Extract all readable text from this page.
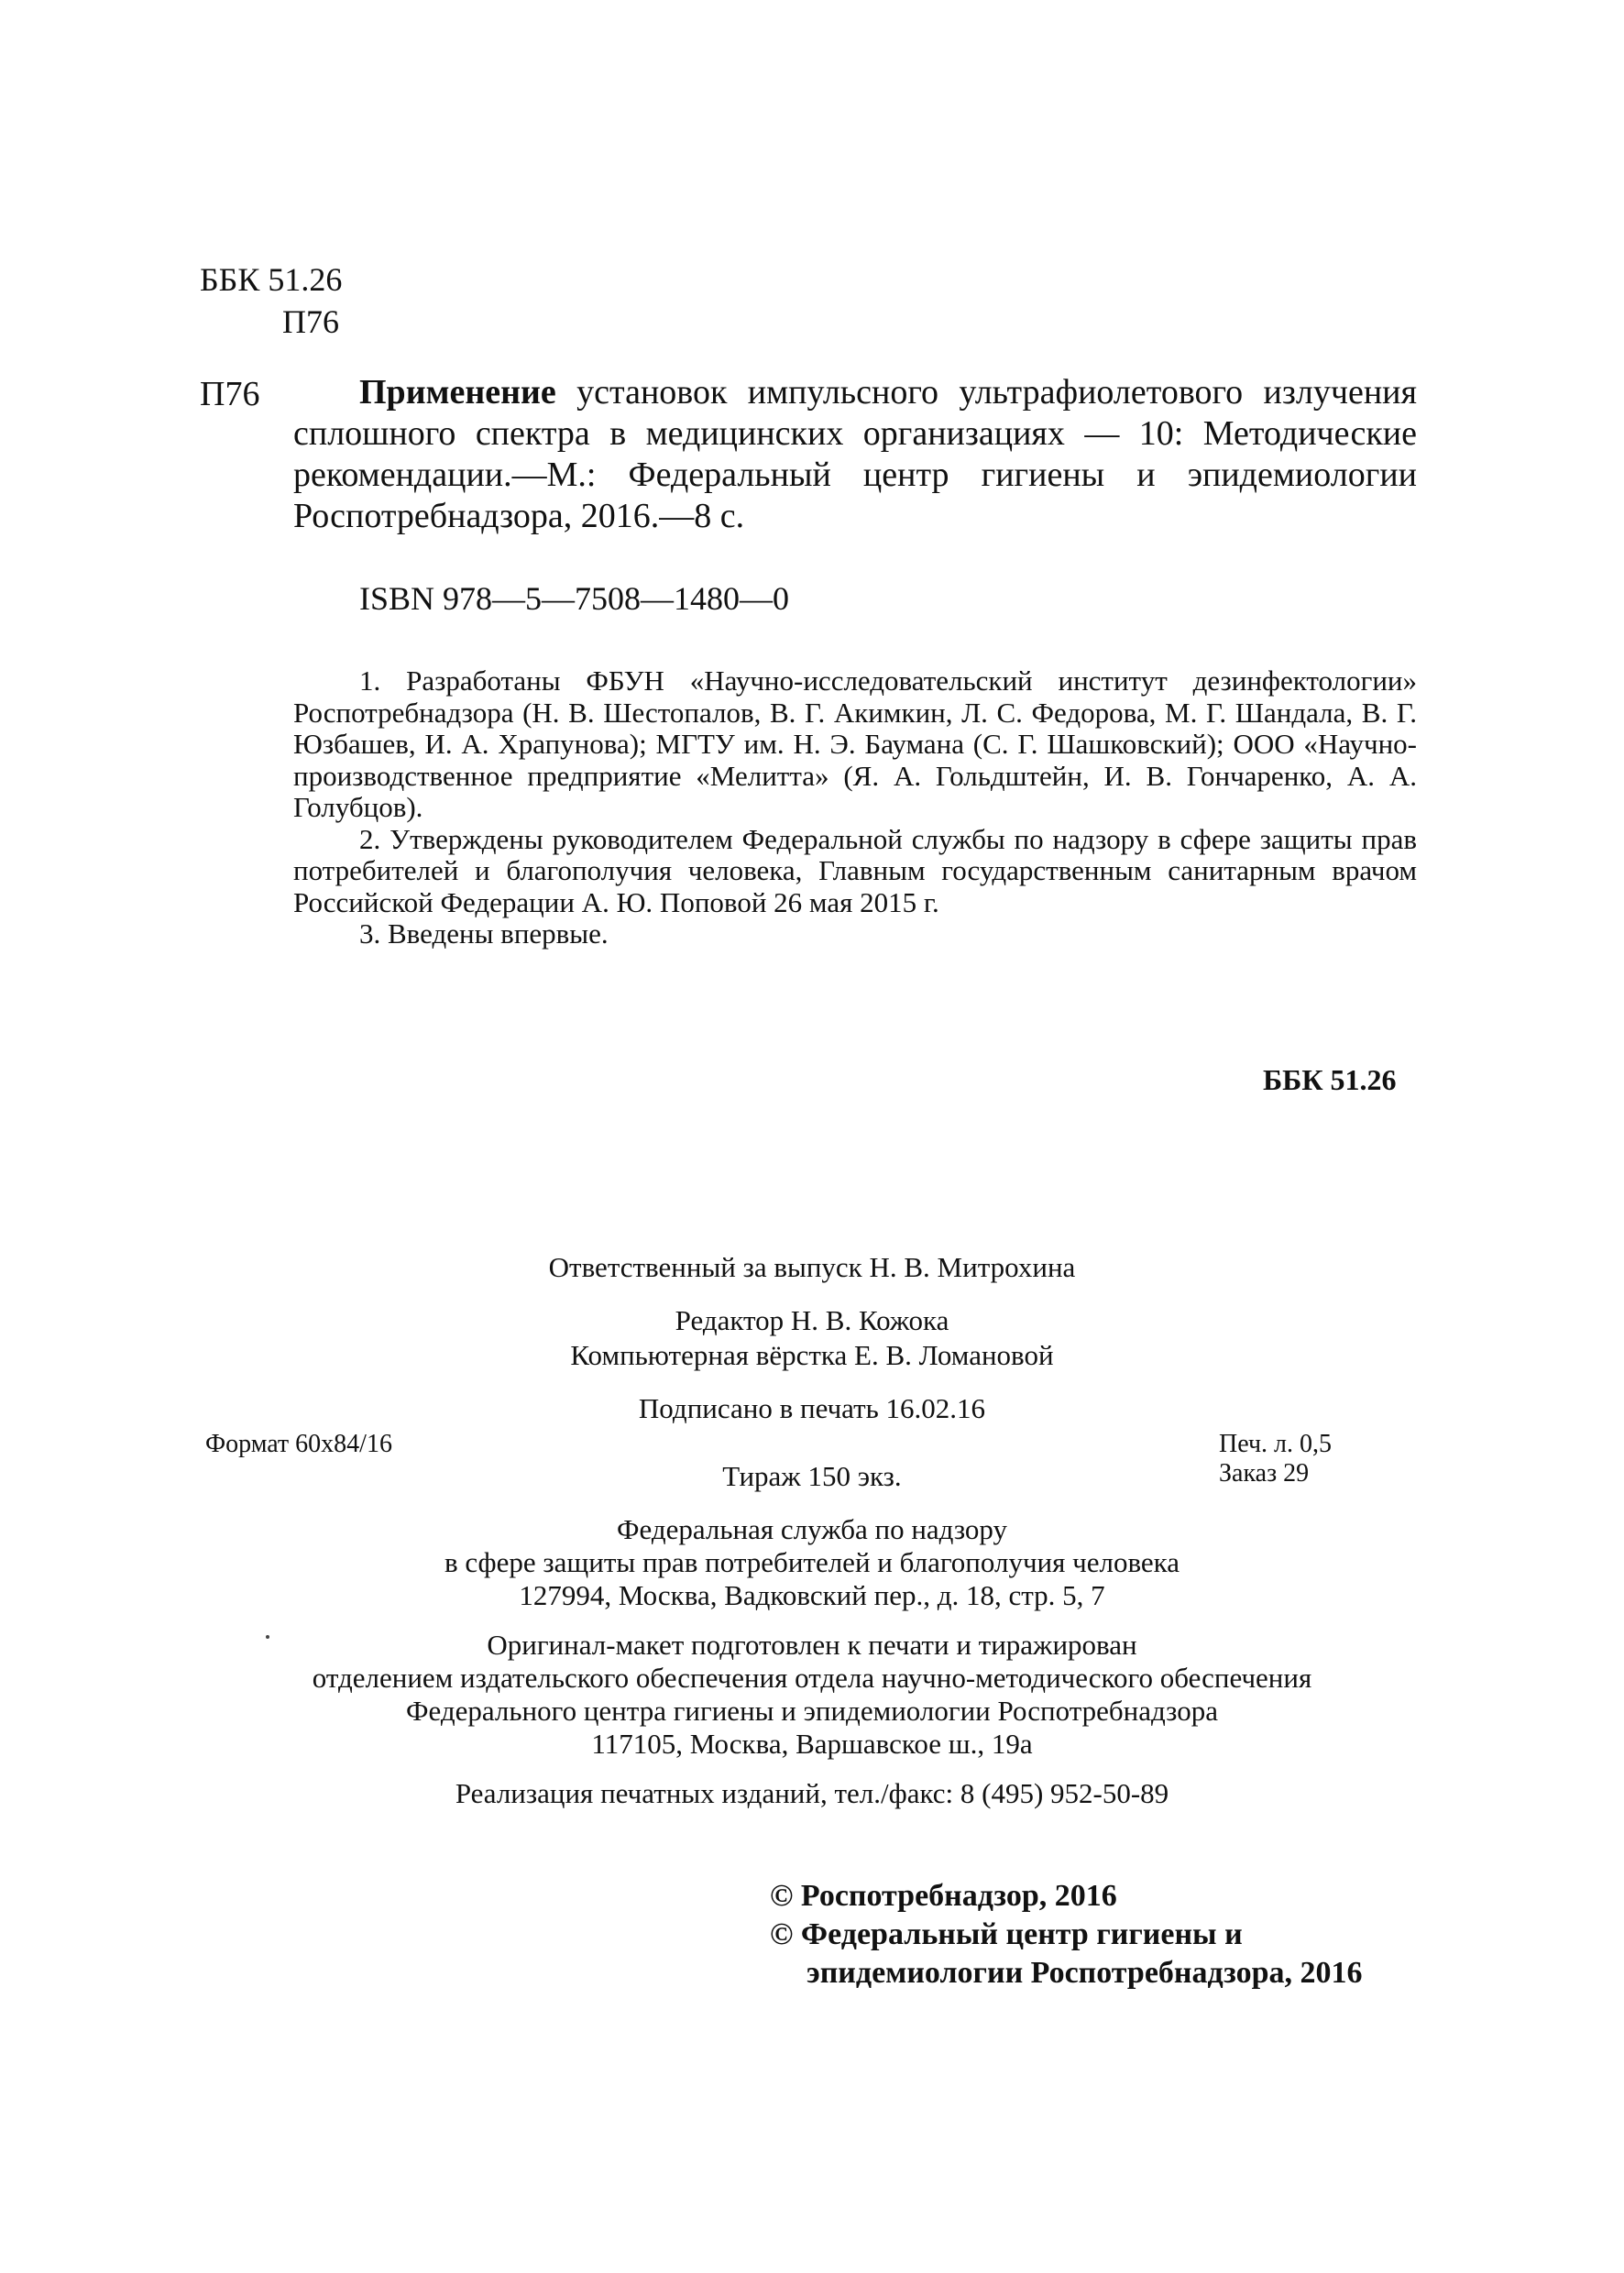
ББК 51.26
П76
П76	Применение установок импульсного ультрафиолетового излучения сплошного спектра в медицинских организациях — 10: Методические рекомендации.—М.: Федеральный центр гигиены и эпидемиологии Роспотребнадзора, 2016.—8 с.
ISBN 978—5—7508—1480—0

1. Разработаны ФБУН «Научно-исследовательский институт дезинфектологии» Роспотребнадзора (Н. В. Шестопалов, В. Г. Акимкин, Л. С. Федорова, М. Г. Шандала, В. Г. Юзбашев, И. А. Храпунова); МГТУ им. Н. Э. Баумана (С. Г. Шашковский); ООО «Научно-производственное предприятие «Мелитта» (Я. А. Гольдштейн, И. В. Гончаренко, А. А. Голубцов).

2. Утверждены руководителем Федеральной службы по надзору в сфере защиты прав потребителей и благополучия человека, Главным государственным санитарным врачом Российской Федерации А. Ю. Поповой 26 мая 2015 г.

3. Введены впервые.

ББК 51.26
Ответственный за выпуск Н. В. Митрохина
Редактор Н. В. Кожока
Компьютерная вёрстка Е. В. Ломановой
Подписано в печать 16.02.16
Формат 60х84/16	Печ. л. 0,5
Заказ 29
Тираж 150 экз.
Федеральная служба по надзору
в сфере защиты прав потребителей и благополучия человека
127994, Москва, Вадковский пер., д. 18, стр. 5, 7
Оригинал-макет подготовлен к печати и тиражирован
отделением издательского обеспечения отдела научно-методического обеспечения
Федерального центра гигиены и эпидемиологии Роспотребнадзора
117105, Москва, Варшавское ш., 19а
Реализация печатных изданий, тел./факс: 8 (495) 952-50-89
© Роспотребнадзор, 2016
© Федеральный центр гигиены и
эпидемиологии Роспотребнадзора, 2016
